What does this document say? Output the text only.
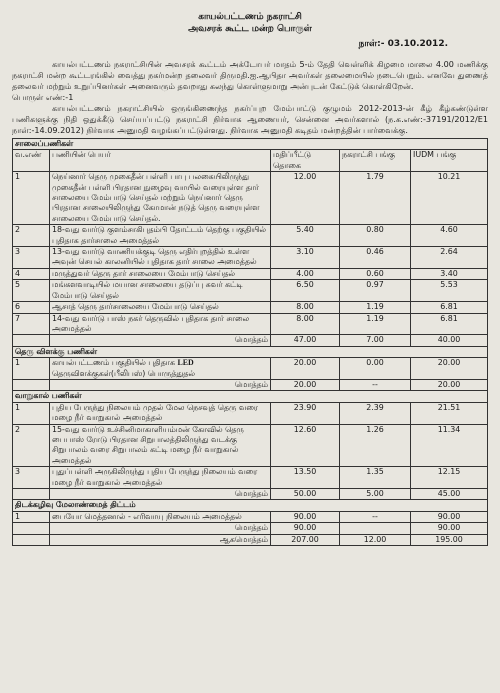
காயல்பட்டணம் நகராட்சி
அவசரக் கூட்ட மன்ற பொருள்
நாள்:- 03.10.2012.

காயல்பட்டணம் நகராட்சியின் அவசரக் கூட்டம் அக்டோபர் மாதம் 5-ம் தேதி வெள்ளிக் கிழமை மாலை 4.00 மணிக்கு நகராட்சி மன்ற கூட்டரங்கில் வைத்து நகர்மன்ற தலைவர் திருமதி.ஐ.ஆபிதா அவர்கள் தலைமையில் நடைபெறும். எனவே துணைத் தலைவர் மற்றும் உறுப்பினர்கள் அனைவரும் தவறாது கலந்து கொள்ளுமாறு அன்புடன் கேட்டுக் கொள்கிறேன்.

பொருள் எண்:-1

காயல்பட்டணம் நகராட்சியில் ஒருங்கிணைந்த நகர்ப்புற மேம்பாட்டு குழுமம் 2012-2013-ன் கீழ் கீழ்கண்டுள்ள பணிகளுக்கு நிதி ஒதுக்கீடு செய்யப்பட்டு நகராட்சி நிர்வாக ஆணையர், சென்னை அவர்களால் (ந.க.எண்:-37191/2012/E1 நாள்:-14.09.2012) நிர்வாக அனுமதி வழங்கப்பட்டுள்ளது. நிர்வாக அனுமதி கடிதம் மன்றத்தின் பார்வைக்கு.

சாலைப்பணிகள்				
வ.எண்	பணியின் பெயர்	மதிப்பீட்டு தொகை	நகராட்சி பங்கு	IUDM பங்கு
1	நெய்னார் தெரு முகைதீன் பள்ளி பாபு பலகையிலிருந்து முகைதீன் பள்ளி பிரதான நுழைவு வாயில் வரையுள்ள தார் சாலையை மேம்பாடு செய்தல் மற்றும் நெய்னார் தெரு பிரதான சாலையிலிருந்து கோமான் நடுத் தெரு வரையுள்ள சாலையை மேம்பாடு செய்தல்.	12.00	1.79	10.21
2	18-வது வார்டு குளம்சாகிபுதம்பி தோட்டம் தெற்கு பகுதியில் புதிதாக தார்சாலை அமைத்தல்	5.40	0.80	4.60
3	13-வது வார்டு வாணியக்குடி தெரு எதிர்புறத்தில் உள்ள அவுன் செயல் காலனியில் புதிதாக தார் சாலை அமைத்தல்	3.10	0.46	2.64
4	மருத்துவர் தெரு தார் சாலையை மேம்பாடு செய்தல்	4.00	0.60	3.40
5	மங்களவாடியில் மயான சாலையை தடுப்பு சுவர் கட்டி மேம்பாடு செய்தல்	6.50	0.97	5.53
6	ஆசாத் தெரு தார்சாலையை மேம்பாடு செய்தல்	8.00	1.19	6.81
7	14-வது வார்டு பாஸ் நகர் தெருவில் புதிதாக தார் சாலை அமைத்தல்	8.00	1.19	6.81
	மொத்தம்	47.00	7.00	40.00
தெரு விளக்கு பணிகள்				
1	காயல்பட்டணம் பகுதியில் புதிதாக LED
தெருவிளக்குகள்(பீலிபஸ்) பொருத்துதல்	20.00	0.00	20.00
	மொத்தம்	20.00	--	20.00
வாறுகால் பணிகள்				
1	புதிய பேருந்து நிலையம் முதல் மேல நெசவுத் தெரு வரை மழை நீர் வாறுகால் அமைத்தல்	23.90	2.39	21.51
2	15-வது வார்டு உச்சினிமாகாளியம்மன் கோவில் தெரு பைபாஸ் ரோடு பிரதான சிறுபாலத்திலிருந்து வடக்கு சிறுபாலம் வரை சிறுபாலம் கட்டி மழை நீர் வாறுகால் அமைத்தல்	12.60	1.26	11.34
3	புதுப்பள்ளி அருகிலிருந்து புதிய பேருந்து நிலையம் வரை மழை நீர் வாறுகால் அமைத்தல்	13.50	1.35	12.15
	மொத்தம்	50.00	5.00	45.00
திடக்கழிவு மேலாண்மைத் திட்டம்				
1	பையோ மெத்தனால் - எரிவாயு நிலையம் அமைத்தல்	90.00	--	90.00
	மொத்தம்	90.00		90.00
	ஆகமொத்தம்	207.00	12.00	195.00
